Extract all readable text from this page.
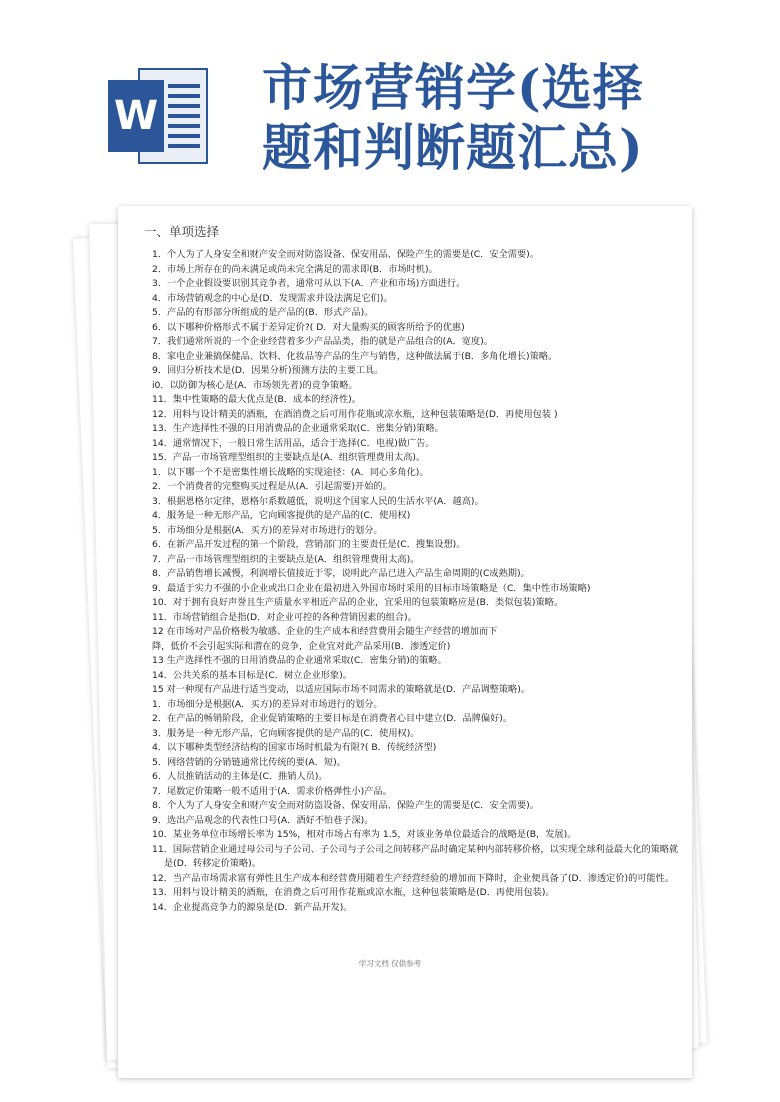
W 市场营销学(选择
题和判断题汇总)
一、单项选择
1．个人为了人身安全和财产安全而对防盗设备、保安用品、保险产生的需要是(C．安全需要)。
2．市场上所存在的尚未满足或尚未完全满足的需求即(B．市场时机)。
3．一个企业假设要识别其竞争者，通常可从以下(A．产业和市场)方面进行。
4．市场营销观念的中心是(D．发现需求并设法满足它们)。
5．产品的有形部分所组成的是产品的(B．形式产品)。
6．以下哪种价格形式不属于差异定价?( D．对大量购买的顾客所给予的优惠)
7．我们通常所说的一个企业经营着多少产品品类，指的就是产品组合的(A．宽度)。
8．家电企业兼搞保健品、饮料、化妆品等产品的生产与销售，这种做法属于(B．多角化增长)策略。
9．回归分析技术是(D．因果分析)预测方法的主要工具。
i0．以防御为核心是(A．市场领先者)的竞争策略。
11．集中性策略的最大优点是(B．成本的经济性)。
12．用料与设计精美的酒瓶，在酒消费之后可用作花瓶或凉水瓶，这种包装策略是(D．再使用包装 )
13．生产选择性不强的日用消费品的企业通常采取(C．密集分销)策略。
14．通常情况下，一般日常生活用品，适合于选择(C．电视)做广告。
15．产品一市场管理型组织的主要缺点是(A．组织管理费用太高)。
1．以下哪一个不是密集性增长战略的实现途径：(A．同心多角化)。
2．一个消费者的完整购买过程是从(A．引起需要)开始的。
3．根据恩格尔定律，恩格尔系数越低，说明这个国家人民的生活水平(A．越高)。
4．服务是一种无形产品，它向顾客提供的是产品的(C．使用权)
5．市场细分是根据(A．买方)的差异对市场进行的划分。
6．在新产品开发过程的第一个阶段，营销部门的主要责任是(C．搜集设想)。
7．产品一市场管理型组织的主要缺点是(A．组织管理费用太高)。
8．产品销售增长减慢，利润增长值接近于零，说明此产品已进入产品生命周期的(C成熟期)。
9．最适于实力不强的小企业或出口企业在最初进入外国市场时采用的目标市场策略是（C．集中性市场策略)
10．对于拥有良好声誉且生产质量水平相近产品的企业，宜采用的包装策略应是(B．类似包装)策略。
11．市场营销组合是指(D．对企业可控的各种营销因素的组合)。
12 在市场对产品价格极为敏感、企业的生产成本和经营费用会随生产经营的增加而下
降，低价不会引起实际和潜在的竞争，企业宜对此产品采用(B．渗透定价)
13 生产选择性不强的日用消费品的企业通常采取(C．密集分销)的策略。
14．公共关系的基本目标是(C．树立企业形象)。
15 对一种现有产品进行适当变动，以适应国际市场不同需求的策略就是(D．产品调整策略)。
1．市场细分是根据(A．买方)的差异对市场进行的划分。
2．在产品的畅销阶段，企业促销策略的主要目标是在消费者心目中建立(D．品牌偏好)。
3．服务是一种无形产品，它向顾客提供的是产品的(C．使用权)。
4．以下哪种类型经济结构的国家市场时机最为有限?( B．传统经济型)
5．网络营销的分销链通常比传统的要(A．短)。
6．人员推销活动的主体是(C．推销人员)。
7．尾数定价策略一般不适用于(A．需求价格弹性小)产品。
8．个人为了人身安全和财产安全而对防盗设备、保安用品、保险产生的需要是(C．安全需要)。
9．选出产品观念的代表性口号(A．酒好不怕巷子深)。
10．某业务单位市场增长率为 15%，相对市场占有率为 1.5，对该业务单位最适合的战略是(B，发展)。
11．国际营销企业通过母公司与子公司、子公司与子公司之间转移产品时确定某种内部转移价格，以实现全球利益最大化的策略就是(D．转移定价策略)。
12．当产品市场需求富有弹性且生产成本和经营费用随着生产经营经验的增加而下降时，企业便具备了(D．渗透定价)的可能性。
13．用料与设计精美的酒瓶，在消费之后可用作花瓶或凉水瓶，这种包装策略是(D．再使用包装)。
14．企业提高竞争力的源泉是(D．新产品开发)。
学习文档 仅供参考
